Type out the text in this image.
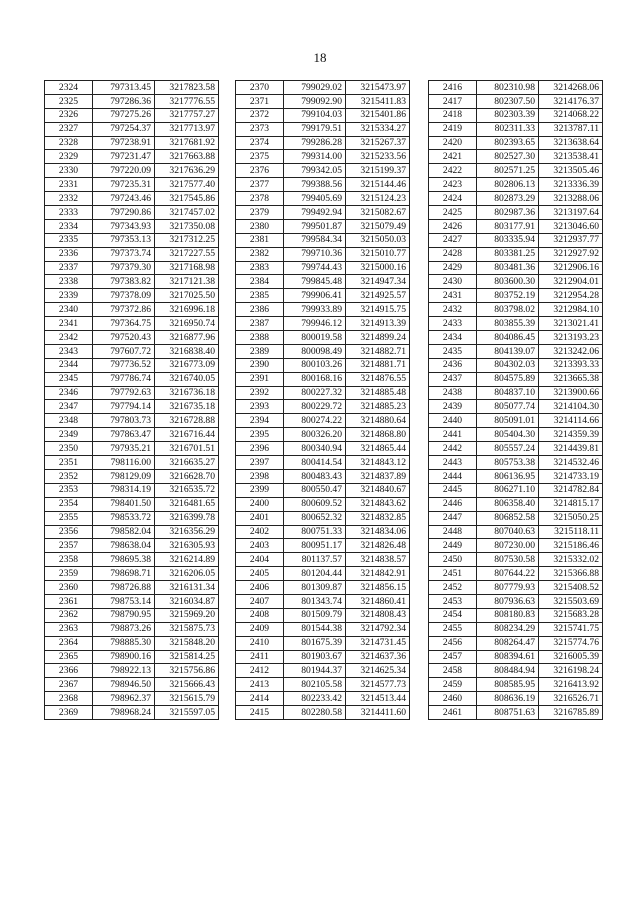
18
2324	797313.45	3217823.58
2325	797286.36	3217776.55
2326	797275.26	3217757.27
2327	797254.37	3217713.97
2328	797238.91	3217681.92
2329	797231.47	3217663.88
2330	797220.09	3217636.29
2331	797235.31	3217577.40
2332	797243.46	3217545.86
2333	797290.86	3217457.02
2334	797343.93	3217350.08
2335	797353.13	3217312.25
2336	797373.74	3217227.55
2337	797379.30	3217168.98
2338	797383.82	3217121.38
2339	797378.09	3217025.50
2340	797372.86	3216996.18
2341	797364.75	3216950.74
2342	797520.43	3216877.96
2343	797607.72	3216838.40
2344	797736.52	3216773.09
2345	797786.74	3216740.05
2346	797792.63	3216736.18
2347	797794.14	3216735.18
2348	797803.73	3216728.88
2349	797863.47	3216716.44
2350	797935.21	3216701.51
2351	798116.00	3216635.27
2352	798129.09	3216628.70
2353	798314.19	3216535.72
2354	798401.50	3216481.65
2355	798533.72	3216399.78
2356	798582.04	3216356.29
2357	798638.04	3216305.93
2358	798695.38	3216214.89
2359	798698.71	3216206.05
2360	798726.88	3216131.34
2361	798753.14	3216034.87
2362	798790.95	3215969.20
2363	798873.26	3215875.73
2364	798885.30	3215848.20
2365	798900.16	3215814.25
2366	798922.13	3215756.86
2367	798946.50	3215666.43
2368	798962.37	3215615.79
2369	798968.24	3215597.05
2370	799029.02	3215473.97
2371	799092.90	3215411.83
2372	799104.03	3215401.86
2373	799179.51	3215334.27
2374	799286.28	3215267.37
2375	799314.00	3215233.56
2376	799342.05	3215199.37
2377	799388.56	3215144.46
2378	799405.69	3215124.23
2379	799492.94	3215082.67
2380	799501.87	3215079.49
2381	799584.34	3215050.03
2382	799710.36	3215010.77
2383	799744.43	3215000.16
2384	799845.48	3214947.34
2385	799906.41	3214925.57
2386	799933.89	3214915.75
2387	799946.12	3214913.39
2388	800019.58	3214899.24
2389	800098.49	3214882.71
2390	800103.26	3214881.71
2391	800168.16	3214876.55
2392	800227.32	3214885.48
2393	800229.72	3214885.23
2394	800274.22	3214880.64
2395	800326.20	3214868.80
2396	800340.94	3214865.44
2397	800414.54	3214843.12
2398	800483.43	3214837.89
2399	800550.47	3214840.67
2400	800609.52	3214843.62
2401	800652.32	3214832.85
2402	800751.33	3214834.06
2403	800951.17	3214826.48
2404	801137.57	3214838.57
2405	801204.44	3214842.91
2406	801309.87	3214856.15
2407	801343.74	3214860.41
2408	801509.79	3214808.43
2409	801544.38	3214792.34
2410	801675.39	3214731.45
2411	801903.67	3214637.36
2412	801944.37	3214625.34
2413	802105.58	3214577.73
2414	802233.42	3214513.44
2415	802280.58	3214411.60
2416	802310.98	3214268.06
2417	802307.50	3214176.37
2418	802303.39	3214068.22
2419	802311.33	3213787.11
2420	802393.65	3213638.64
2421	802527.30	3213538.41
2422	802571.25	3213505.46
2423	802806.13	3213336.39
2424	802873.29	3213288.06
2425	802987.36	3213197.64
2426	803177.91	3213046.60
2427	803335.94	3212937.77
2428	803381.25	3212927.92
2429	803481.36	3212906.16
2430	803600.30	3212904.01
2431	803752.19	3212954.28
2432	803798.02	3212984.10
2433	803855.39	3213021.41
2434	804086.45	3213193.23
2435	804139.07	3213242.06
2436	804302.03	3213393.33
2437	804575.89	3213665.38
2438	804837.10	3213900.66
2439	805077.74	3214104.30
2440	805091.01	3214114.66
2441	805404.30	3214359.39
2442	805557.24	3214439.81
2443	805753.38	3214532.46
2444	806136.95	3214733.19
2445	806271.10	3214782.84
2446	806358.40	3214815.17
2447	806852.58	3215050.25
2448	807040.63	3215118.11
2449	807230.00	3215186.46
2450	807530.58	3215332.02
2451	807644.22	3215366.88
2452	807779.93	3215408.52
2453	807936.63	3215503.69
2454	808180.83	3215683.28
2455	808234.29	3215741.75
2456	808264.47	3215774.76
2457	808394.61	3216005.39
2458	808484.94	3216198.24
2459	808585.95	3216413.92
2460	808636.19	3216526.71
2461	808751.63	3216785.89
